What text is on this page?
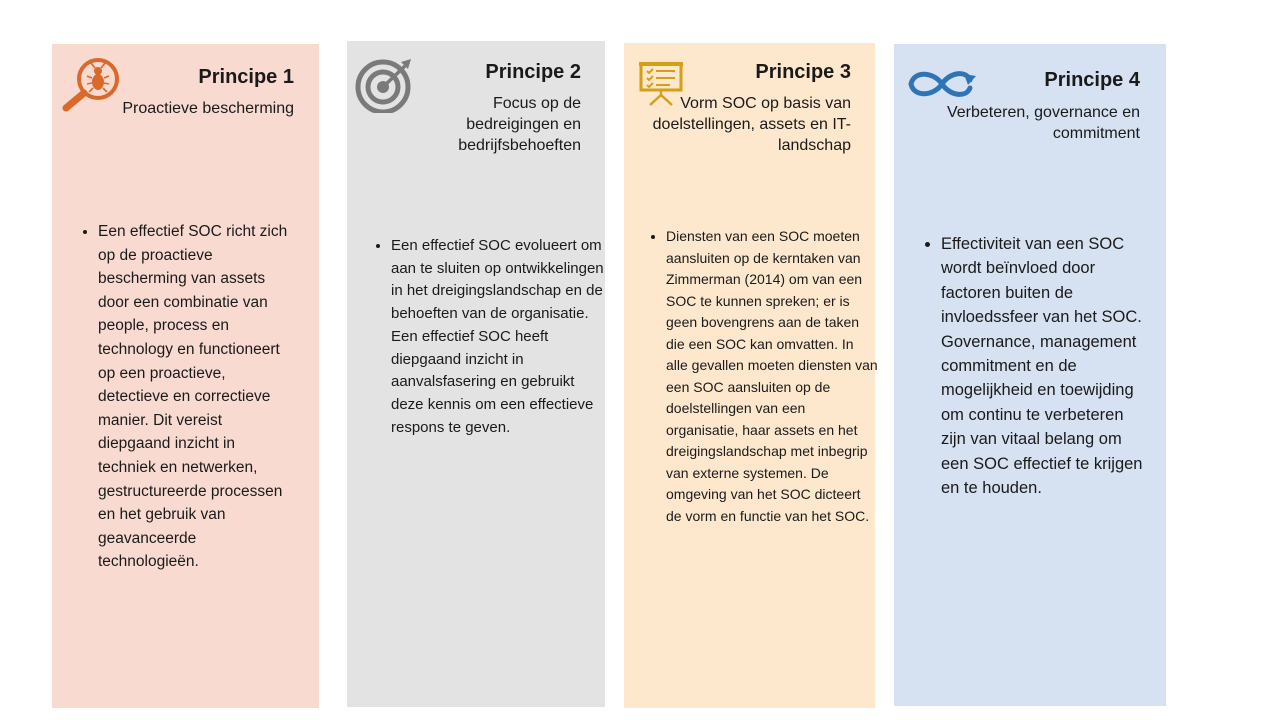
Principe 1
Proactieve bescherming
• Een effectief SOC richt zich op de proactieve bescherming van assets door een combinatie van people, process en technology en functioneert op een proactieve, detectieve en correctieve manier. Dit vereist diepgaand inzicht in techniek en netwerken, gestructureerde processen en het gebruik van geavanceerde technologieën.
Principe 2
Focus op de bedreigingen en bedrijfsbehoeften
• Een effectief SOC evolueert om aan te sluiten op ontwikkelingen in het dreigingslandschap en de behoeften van de organisatie. Een effectief SOC heeft diepgaand inzicht in aanvalsfasering en gebruikt deze kennis om een effectieve respons te geven.
Principe 3
Vorm SOC op basis van doelstellingen, assets en IT-landschap
• Diensten van een SOC moeten aansluiten op de kerntaken van Zimmerman (2014) om van een SOC te kunnen spreken; er is geen bovengrens aan de taken die een SOC kan omvatten. In alle gevallen moeten diensten van een SOC aansluiten op de doelstellingen van een organisatie, haar assets en het dreigingslandschap met inbegrip van externe systemen. De omgeving van het SOC dicteert de vorm en functie van het SOC.
Principe 4
Verbeteren, governance en commitment
• Effectiviteit van een SOC wordt beïnvloed door factoren buiten de invloedssfeer van het SOC. Governance, management commitment en de mogelijkheid en toewijding om continu te verbeteren zijn van vitaal belang om een SOC effectief te krijgen en te houden.
